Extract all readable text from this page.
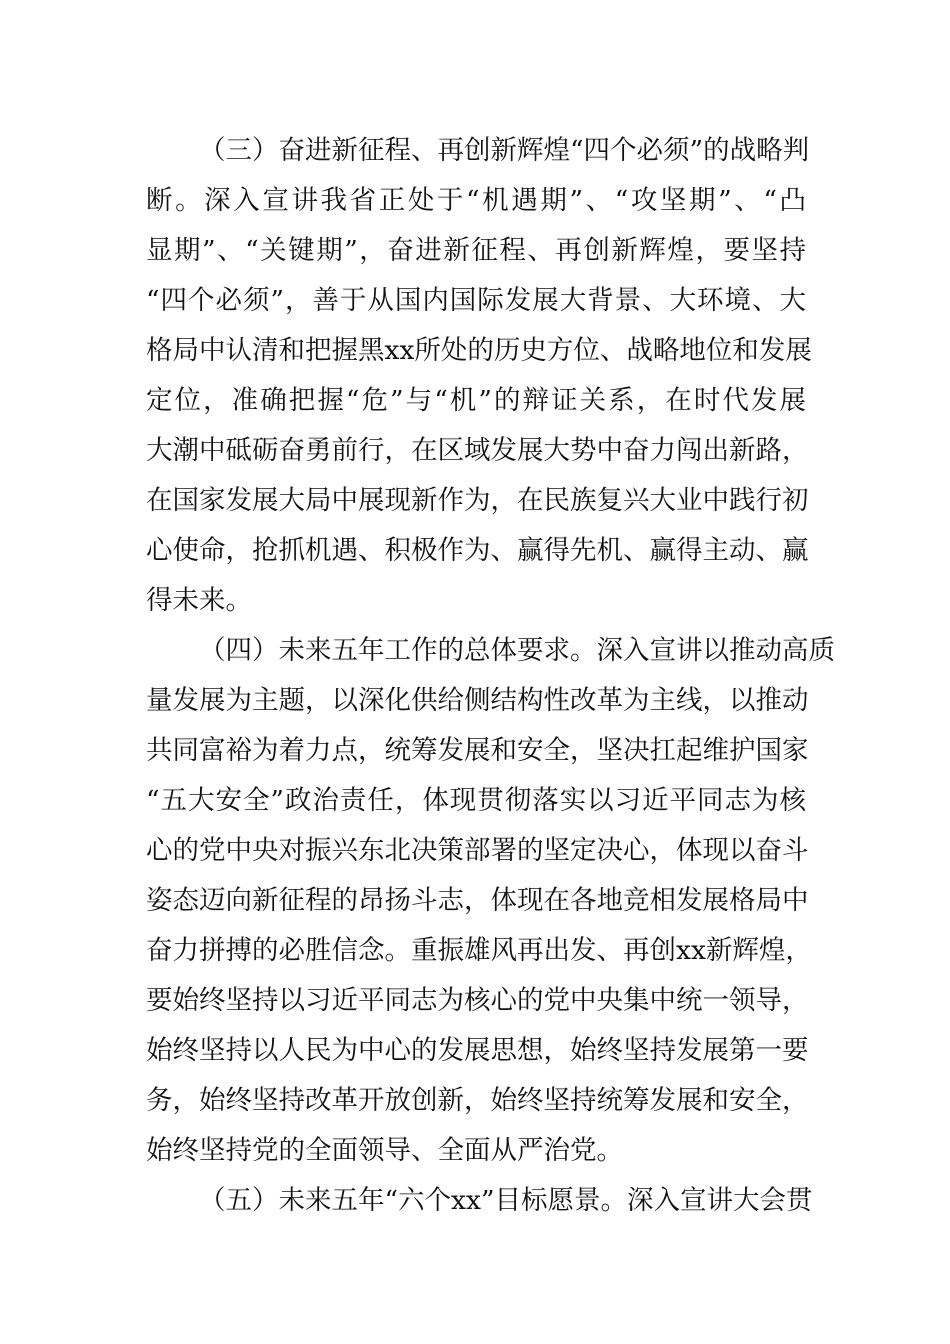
（三）奋进新征程、再创新辉煌“四个必须”的战略判
断。深入宣讲我省正处于“机遇期”、“攻坚期”、“凸
显期”、“关键期”，奋进新征程、再创新辉煌，要坚持
“四个必须”，善于从国内国际发展大背景、大环境、大
格局中认清和把握黑xx所处的历史方位、战略地位和发展
定位，准确把握“危”与“机”的辩证关系，在时代发展
大潮中砥砺奋勇前行，在区域发展大势中奋力闯出新路，
在国家发展大局中展现新作为，在民族复兴大业中践行初
心使命，抢抓机遇、积极作为、赢得先机、赢得主动、赢
得未来。

（四）未来五年工作的总体要求。深入宣讲以推动高质
量发展为主题，以深化供给侧结构性改革为主线，以推动
共同富裕为着力点，统筹发展和安全，坚决扛起维护国家
“五大安全”政治责任，体现贯彻落实以习近平同志为核
心的党中央对振兴东北决策部署的坚定决心，体现以奋斗
姿态迈向新征程的昂扬斗志，体现在各地竞相发展格局中
奋力拼搏的必胜信念。重振雄风再出发、再创xx新辉煌，
要始终坚持以习近平同志为核心的党中央集中统一领导，
始终坚持以人民为中心的发展思想，始终坚持发展第一要
务，始终坚持改革开放创新，始终坚持统筹发展和安全，
始终坚持党的全面领导、全面从严治党。

（五）未来五年“六个xx”目标愿景。深入宣讲大会贯
